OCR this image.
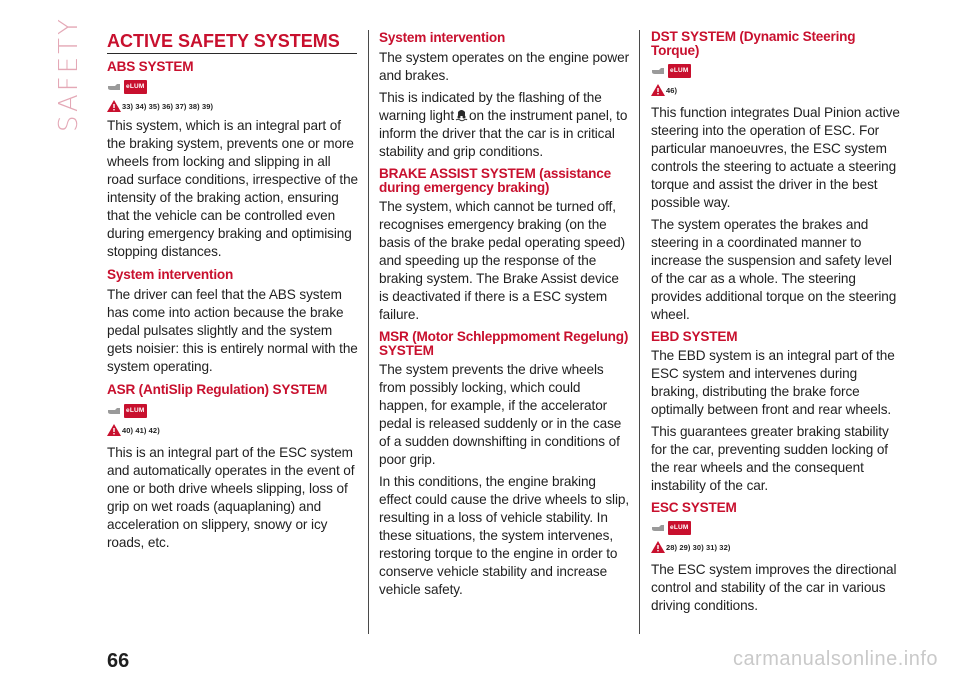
SAFETY ACTIVE SAFETY SYSTEMS
ABS SYSTEM
eLUM
33) 34) 35) 36) 37) 38) 39)

This system, which is an integral part of the braking system, prevents one or more wheels from locking and slipping in all road surface conditions, irrespective of the intensity of the braking action, ensuring that the vehicle can be controlled even during emergency braking and optimising stopping distances.

System intervention

The driver can feel that the ABS system has come into action because the brake pedal pulsates slightly and the system gets noisier: this is entirely normal with the system operating.

ASR (AntiSlip Regulation) SYSTEM
eLUM
40) 41) 42)

This is an integral part of the ESC system and automatically operates in the event of one or both drive wheels slipping, loss of grip on wet roads (aquaplaning) and acceleration on slippery, snowy or icy roads, etc.

System intervention

The system operates on the engine power and brakes.

This is indicated by the flashing of the warning light on the instrument panel, to inform the driver that the car is in critical stability and grip conditions.

BRAKE ASSIST SYSTEM (assistance during emergency braking)

The system, which cannot be turned off, recognises emergency braking (on the basis of the brake pedal operating speed) and speeding up the response of the braking system. The Brake Assist device is deactivated if there is a ESC system failure.

MSR (Motor Schleppmoment Regelung) SYSTEM

The system prevents the drive wheels from possibly locking, which could happen, for example, if the accelerator pedal is released suddenly or in the case of a sudden downshifting in conditions of poor grip.

In this conditions, the engine braking effect could cause the drive wheels to slip, resulting in a loss of vehicle stability. In these situations, the system intervenes, restoring torque to the engine in order to conserve vehicle stability and increase vehicle safety.

DST SYSTEM (Dynamic Steering Torque)
eLUM
46)

This function integrates Dual Pinion active steering into the operation of ESC. For particular manoeuvres, the ESC system controls the steering to actuate a steering torque and assist the driver in the best possible way.

The system operates the brakes and steering in a coordinated manner to increase the suspension and safety level of the car as a whole. The steering provides additional torque on the steering wheel.

EBD SYSTEM

The EBD system is an integral part of the ESC system and intervenes during braking, distributing the brake force optimally between front and rear wheels.

This guarantees greater braking stability for the car, preventing sudden locking of the rear wheels and the consequent instability of the car.

ESC SYSTEM
eLUM
28) 29) 30) 31) 32)

The ESC system improves the directional control and stability of the car in various driving conditions.

66	carmanualsonline.info
